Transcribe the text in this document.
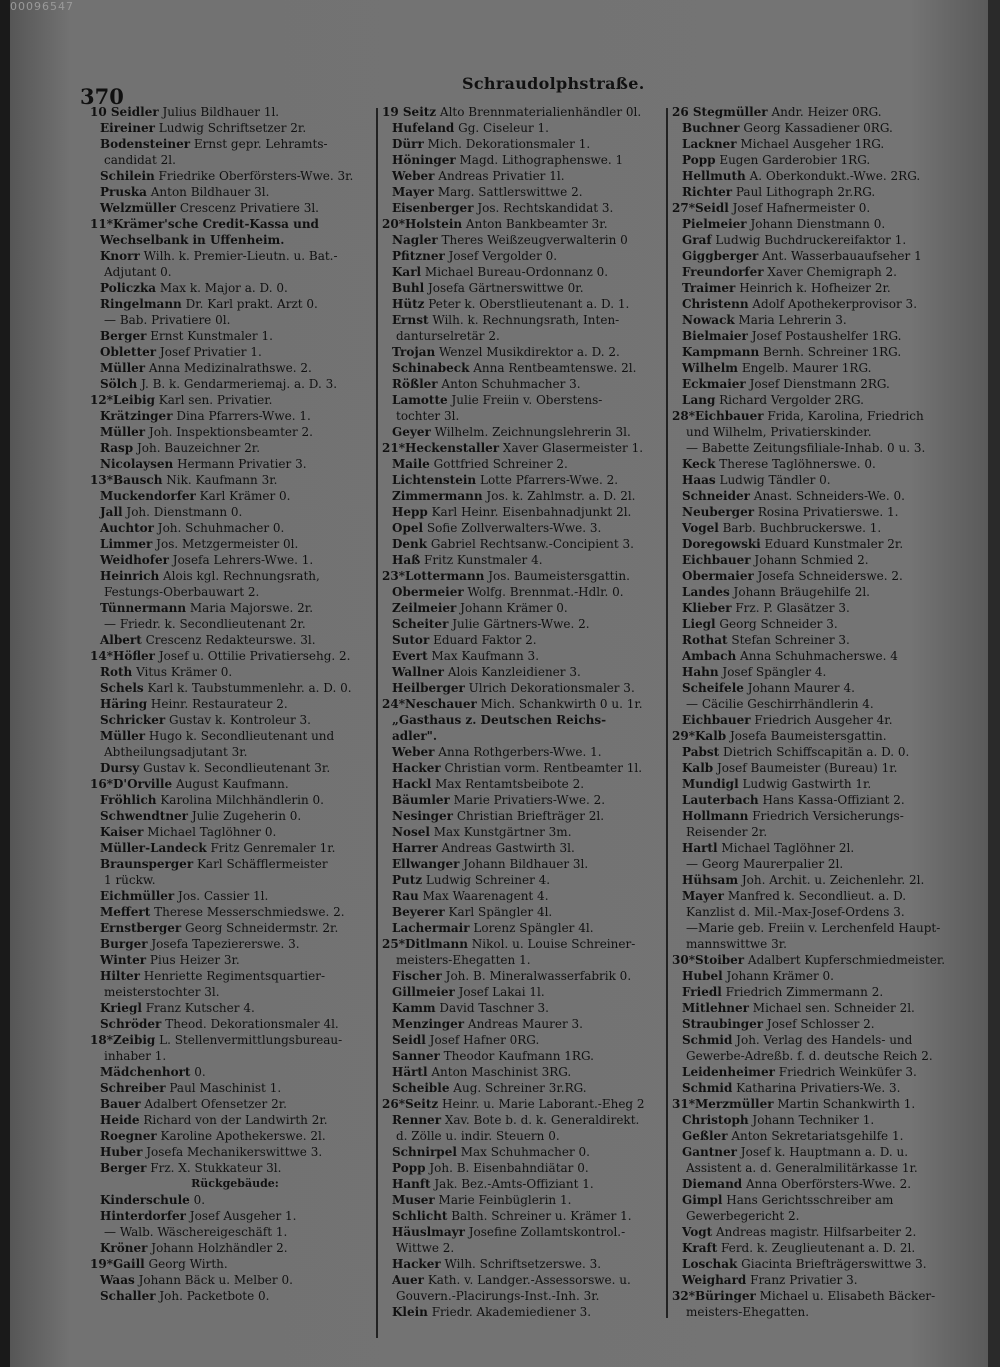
00096547
370
Schraudolphstraße.
10 Seidler Julius Bildhauer 1l.
Eireiner Ludwig Schriftsetzer 2r.
Bodensteiner Ernst gepr. Lehramts-
candidat 2l.
Schilein Friedrike Oberförsters-Wwe. 3r.
Pruska Anton Bildhauer 3l.
Welzmüller Crescenz Privatiere 3l.
11*Krämer'sche Credit-Kassa und
Wechselbank in Uffenheim.
Knorr Wilh. k. Premier-Lieutn. u. Bat.-
Adjutant 0.
Policzka Max k. Major a. D. 0.
Ringelmann Dr. Karl prakt. Arzt 0.
— Bab. Privatiere 0l.
Berger Ernst Kunstmaler 1.
Obletter Josef Privatier 1.
Müller Anna Medizinalrathswe. 2.
Sölch J. B. k. Gendarmeriemaj. a. D. 3.
12*Leibig Karl sen. Privatier.
Krätzinger Dina Pfarrers-Wwe. 1.
Müller Joh. Inspektionsbeamter 2.
Rasp Joh. Bauzeichner 2r.
Nicolaysen Hermann Privatier 3.
13*Bausch Nik. Kaufmann 3r.
Muckendorfer Karl Krämer 0.
Jall Joh. Dienstmann 0.
Auchtor Joh. Schuhmacher 0.
Limmer Jos. Metzgermeister 0l.
Weidhofer Josefa Lehrers-Wwe. 1.
Heinrich Alois kgl. Rechnungsrath,
Festungs-Oberbauwart 2.
Tünnermann Maria Majorswe. 2r.
— Friedr. k. Secondlieutenant 2r.
Albert Crescenz Redakteurswe. 3l.
14*Höfler Josef u. Ottilie Privatiersehg. 2.
Roth Vitus Krämer 0.
Schels Karl k. Taubstummenlehr. a. D. 0.
Häring Heinr. Restaurateur 2.
Schricker Gustav k. Kontroleur 3.
Müller Hugo k. Secondlieutenant und
Abtheilungsadjutant 3r.
Dursy Gustav k. Secondlieutenant 3r.
16*D'Orville August Kaufmann.
Fröhlich Karolina Milchhändlerin 0.
Schwendtner Julie Zugeherin 0.
Kaiser Michael Taglöhner 0.
Müller-Landeck Fritz Genremaler 1r.
Braunsperger Karl Schäfflermeister
1 rückw.
Eichmüller Jos. Cassier 1l.
Meffert Therese Messerschmiedswe. 2.
Ernstberger Georg Schneidermstr. 2r.
Burger Josefa Tapeziererswe. 3.
Winter Pius Heizer 3r.
Hilter Henriette Regimentsquartier-
meisterstochter 3l.
Kriegl Franz Kutscher 4.
Schröder Theod. Dekorationsmaler 4l.
18*Zeibig L. Stellenvermittlungsbureau-
inhaber 1.
Mädchenhort 0.
Schreiber Paul Maschinist 1.
Bauer Adalbert Ofensetzer 2r.
Heide Richard von der Landwirth 2r.
Roegner Karoline Apothekerswe. 2l.
Huber Josefa Mechanikerswittwe 3.
Berger Frz. X. Stukkateur 3l.
Rückgebäude:
Kinderschule 0.
Hinterdorfer Josef Ausgeher 1.
— Walb. Wäschereigeschäft 1.
Kröner Johann Holzhändler 2.
19*Gaill Georg Wirth.
Waas Johann Bäck u. Melber 0.
Schaller Joh. Packetbote 0.
19 Seitz Alto Brennmaterialienhändler 0l.
Hufeland Gg. Ciseleur 1.
Dürr Mich. Dekorationsmaler 1.
Höninger Magd. Lithographenswe. 1
Weber Andreas Privatier 1l.
Mayer Marg. Sattlerswittwe 2.
Eisenberger Jos. Rechtskandidat 3.
20*Holstein Anton Bankbeamter 3r.
Nagler Theres Weißzeugverwalterin 0
Pfitzner Josef Vergolder 0.
Karl Michael Bureau-Ordonnanz 0.
Buhl Josefa Gärtnerswittwe 0r.
Hütz Peter k. Oberstlieutenant a. D. 1.
Ernst Wilh. k. Rechnungsrath, Inten-
danturselretär 2.
Trojan Wenzel Musikdirektor a. D. 2.
Schinabeck Anna Rentbeamtenswe. 2l.
Rößler Anton Schuhmacher 3.
Lamotte Julie Freiin v. Oberstens-
tochter 3l.
Geyer Wilhelm. Zeichnungslehrerin 3l.
21*Heckenstaller Xaver Glasermeister 1.
Maile Gottfried Schreiner 2.
Lichtenstein Lotte Pfarrers-Wwe. 2.
Zimmermann Jos. k. Zahlmstr. a. D. 2l.
Hepp Karl Heinr. Eisenbahnadjunkt 2l.
Opel Sofie Zollverwalters-Wwe. 3.
Denk Gabriel Rechtsanw.-Concipient 3.
Haß Fritz Kunstmaler 4.
23*Lottermann Jos. Baumeistersgattin.
Obermeier Wolfg. Brennmat.-Hdlr. 0.
Zeilmeier Johann Krämer 0.
Scheiter Julie Gärtners-Wwe. 2.
Sutor Eduard Faktor 2.
Evert Max Kaufmann 3.
Wallner Alois Kanzleidiener 3.
Heilberger Ulrich Dekorationsmaler 3.
24*Neschauer Mich. Schankwirth 0 u. 1r.
„Gasthaus z. Deutschen Reichs-
adler".
Weber Anna Rothgerbers-Wwe. 1.
Hacker Christian vorm. Rentbeamter 1l.
Hackl Max Rentamtsbeibote 2.
Bäumler Marie Privatiers-Wwe. 2.
Nesinger Christian Briefträger 2l.
Nosel Max Kunstgärtner 3m.
Harrer Andreas Gastwirth 3l.
Ellwanger Johann Bildhauer 3l.
Putz Ludwig Schreiner 4.
Rau Max Waarenagent 4.
Beyerer Karl Spängler 4l.
Lachermair Lorenz Spängler 4l.
25*Ditlmann Nikol. u. Louise Schreiner-
meisters-Ehegatten 1.
Fischer Joh. B. Mineralwasserfabrik 0.
Gillmeier Josef Lakai 1l.
Kamm David Taschner 3.
Menzinger Andreas Maurer 3.
Seidl Josef Hafner 0RG.
Sanner Theodor Kaufmann 1RG.
Härtl Anton Maschinist 3RG.
Scheible Aug. Schreiner 3r.RG.
26*Seitz Heinr. u. Marie Laborant.-Eheg 2
Renner Xav. Bote b. d. k. Generaldirekt.
d. Zölle u. indir. Steuern 0.
Schnirpel Max Schuhmacher 0.
Popp Joh. B. Eisenbahndiätar 0.
Hanft Jak. Bez.-Amts-Offiziant 1.
Muser Marie Feinbüglerin 1.
Schlicht Balth. Schreiner u. Krämer 1.
Häuslmayr Josefine Zollamtskontrol.-
Wittwe 2.
Hacker Wilh. Schriftsetzerswe. 3.
Auer Kath. v. Landger.-Assessorswe. u.
Gouvern.-Placirungs-Inst.-Inh. 3r.
Klein Friedr. Akademiediener 3.
26 Stegmüller Andr. Heizer 0RG.
Buchner Georg Kassadiener 0RG.
Lackner Michael Ausgeher 1RG.
Popp Eugen Garderobier 1RG.
Hellmuth A. Oberkondukt.-Wwe. 2RG.
Richter Paul Lithograph 2r.RG.
27*Seidl Josef Hafnermeister 0.
Pielmeier Johann Dienstmann 0.
Graf Ludwig Buchdruckereifaktor 1.
Giggberger Ant. Wasserbauaufseher 1
Freundorfer Xaver Chemigraph 2.
Traimer Heinrich k. Hofheizer 2r.
Christenn Adolf Apothekerprovisor 3.
Nowack Maria Lehrerin 3.
Bielmaier Josef Postaushelfer 1RG.
Kampmann Bernh. Schreiner 1RG.
Wilhelm Engelb. Maurer 1RG.
Eckmaier Josef Dienstmann 2RG.
Lang Richard Vergolder 2RG.
28*Eichbauer Frida, Karolina, Friedrich
und Wilhelm, Privatierskinder.
— Babette Zeitungsfiliale-Inhab. 0 u. 3.
Keck Therese Taglöhnerswe. 0.
Haas Ludwig Tändler 0.
Schneider Anast. Schneiders-We. 0.
Neuberger Rosina Privatierswe. 1.
Vogel Barb. Buchbruckerswe. 1.
Doregowski Eduard Kunstmaler 2r.
Eichbauer Johann Schmied 2.
Obermaier Josefa Schneiderswe. 2.
Landes Johann Bräugehilfe 2l.
Klieber Frz. P. Glasätzer 3.
Liegl Georg Schneider 3.
Rothat Stefan Schreiner 3.
Ambach Anna Schuhmacherswe. 4
Hahn Josef Spängler 4.
Scheifele Johann Maurer 4.
— Cäcilie Geschirrhändlerin 4.
Eichbauer Friedrich Ausgeher 4r.
29*Kalb Josefa Baumeistersgattin.
Pabst Dietrich Schiffscapitän a. D. 0.
Kalb Josef Baumeister (Bureau) 1r.
Mundigl Ludwig Gastwirth 1r.
Lauterbach Hans Kassa-Offiziant 2.
Hollmann Friedrich Versicherungs-
Reisender 2r.
Hartl Michael Taglöhner 2l.
— Georg Maurerpalier 2l.
Hühsam Joh. Archit. u. Zeichenlehr. 2l.
Mayer Manfred k. Secondlieut. a. D.
Kanzlist d. Mil.-Max-Josef-Ordens 3.
—Marie geb. Freiin v. Lerchenfeld Haupt-
mannswittwe 3r.
30*Stoiber Adalbert Kupferschmiedmeister.
Hubel Johann Krämer 0.
Friedl Friedrich Zimmermann 2.
Mitlehner Michael sen. Schneider 2l.
Straubinger Josef Schlosser 2.
Schmid Joh. Verlag des Handels- und
Gewerbe-Adreßb. f. d. deutsche Reich 2.
Leidenheimer Friedrich Weinküfer 3.
Schmid Katharina Privatiers-We. 3.
31*Merzmüller Martin Schankwirth 1.
Christoph Johann Techniker 1.
Geßler Anton Sekretariatsgehilfe 1.
Gantner Josef k. Hauptmann a. D. u.
Assistent a. d. Generalmilitärkasse 1r.
Diemand Anna Oberförsters-Wwe. 2.
Gimpl Hans Gerichtsschreiber am
Gewerbegericht 2.
Vogt Andreas magistr. Hilfsarbeiter 2.
Kraft Ferd. k. Zeuglieutenant a. D. 2l.
Loschak Giacinta Briefträgerswittwe 3.
Weighard Franz Privatier 3.
32*Büringer Michael u. Elisabeth Bäcker-
meisters-Ehegatten.
